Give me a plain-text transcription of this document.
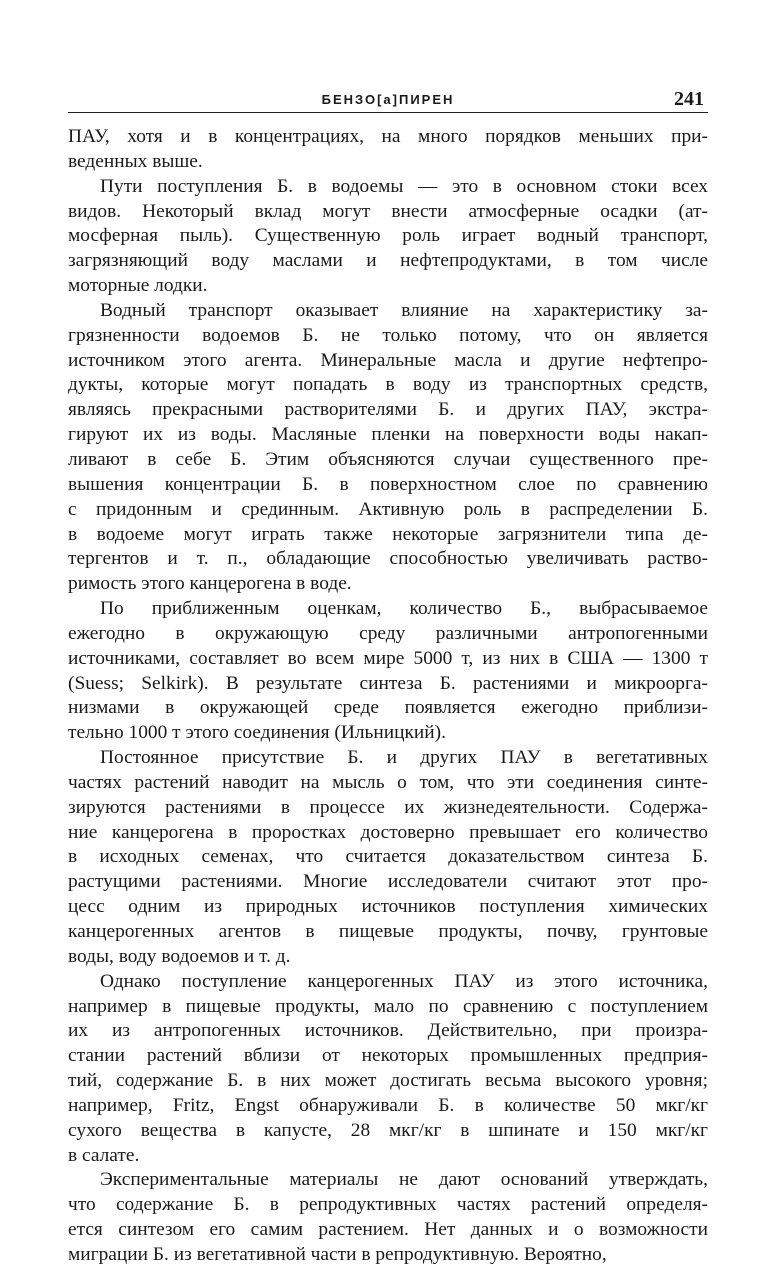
БЕНЗО[а]ПИРЕН	241
ПАУ, хотя и в концентрациях, на много порядков меньших при-
веденных выше.
Пути поступления Б. в водоемы — это в основном стоки всех
видов. Некоторый вклад могут внести атмосферные осадки (ат-
мосферная пыль). Существенную роль играет водный транспорт,
загрязняющий воду маслами и нефтепродуктами, в том числе
моторные лодки.
Водный транспорт оказывает влияние на характеристику за-
грязненности водоемов Б. не только потому, что он является
источником этого агента. Минеральные масла и другие нефтепро-
дукты, которые могут попадать в воду из транспортных средств,
являясь прекрасными растворителями Б. и других ПАУ, экстра-
гируют их из воды. Масляные пленки на поверхности воды накап-
ливают в себе Б. Этим объясняются случаи существенного пре-
вышения концентрации Б. в поверхностном слое по сравнению
с придонным и срединным. Активную роль в распределении Б.
в водоеме могут играть также некоторые загрязнители типа де-
тергентов и т. п., обладающие способностью увеличивать раство-
римость этого канцерогена в воде.
По приближенным оценкам, количество Б., выбрасываемое
ежегодно в окружающую среду различными антропогенными
источниками, составляет во всем мире 5000 т, из них в США — 1300 т
(Suess; Selkirk). В результате синтеза Б. растениями и микроорга-
низмами в окружающей среде появляется ежегодно приблизи-
тельно 1000 т этого соединения (Ильницкий).
Постоянное присутствие Б. и других ПАУ в вегетативных
частях растений наводит на мысль о том, что эти соединения синте-
зируются растениями в процессе их жизнедеятельности. Содержа-
ние канцерогена в проростках достоверно превышает его количество
в исходных семенах, что считается доказательством синтеза Б.
растущими растениями. Многие исследователи считают этот про-
цесс одним из природных источников поступления химических
канцерогенных агентов в пищевые продукты, почву, грунтовые
воды, воду водоемов и т. д.
Однако поступление канцерогенных ПАУ из этого источника,
например в пищевые продукты, мало по сравнению с поступлением
их из антропогенных источников. Действительно, при произра-
стании растений вблизи от некоторых промышленных предприя-
тий, содержание Б. в них может достигать весьма высокого уровня;
например, Fritz, Engst обнаруживали Б. в количестве 50 мкг/кг
сухого вещества в капусте, 28 мкг/кг в шпинате и 150 мкг/кг
в салате.
Экспериментальные материалы не дают оснований утверждать,
что содержание Б. в репродуктивных частях растений определя-
ется синтезом его самим растением. Нет данных и о возможности
миграции Б. из вегетативной части в репродуктивную. Вероятно,
